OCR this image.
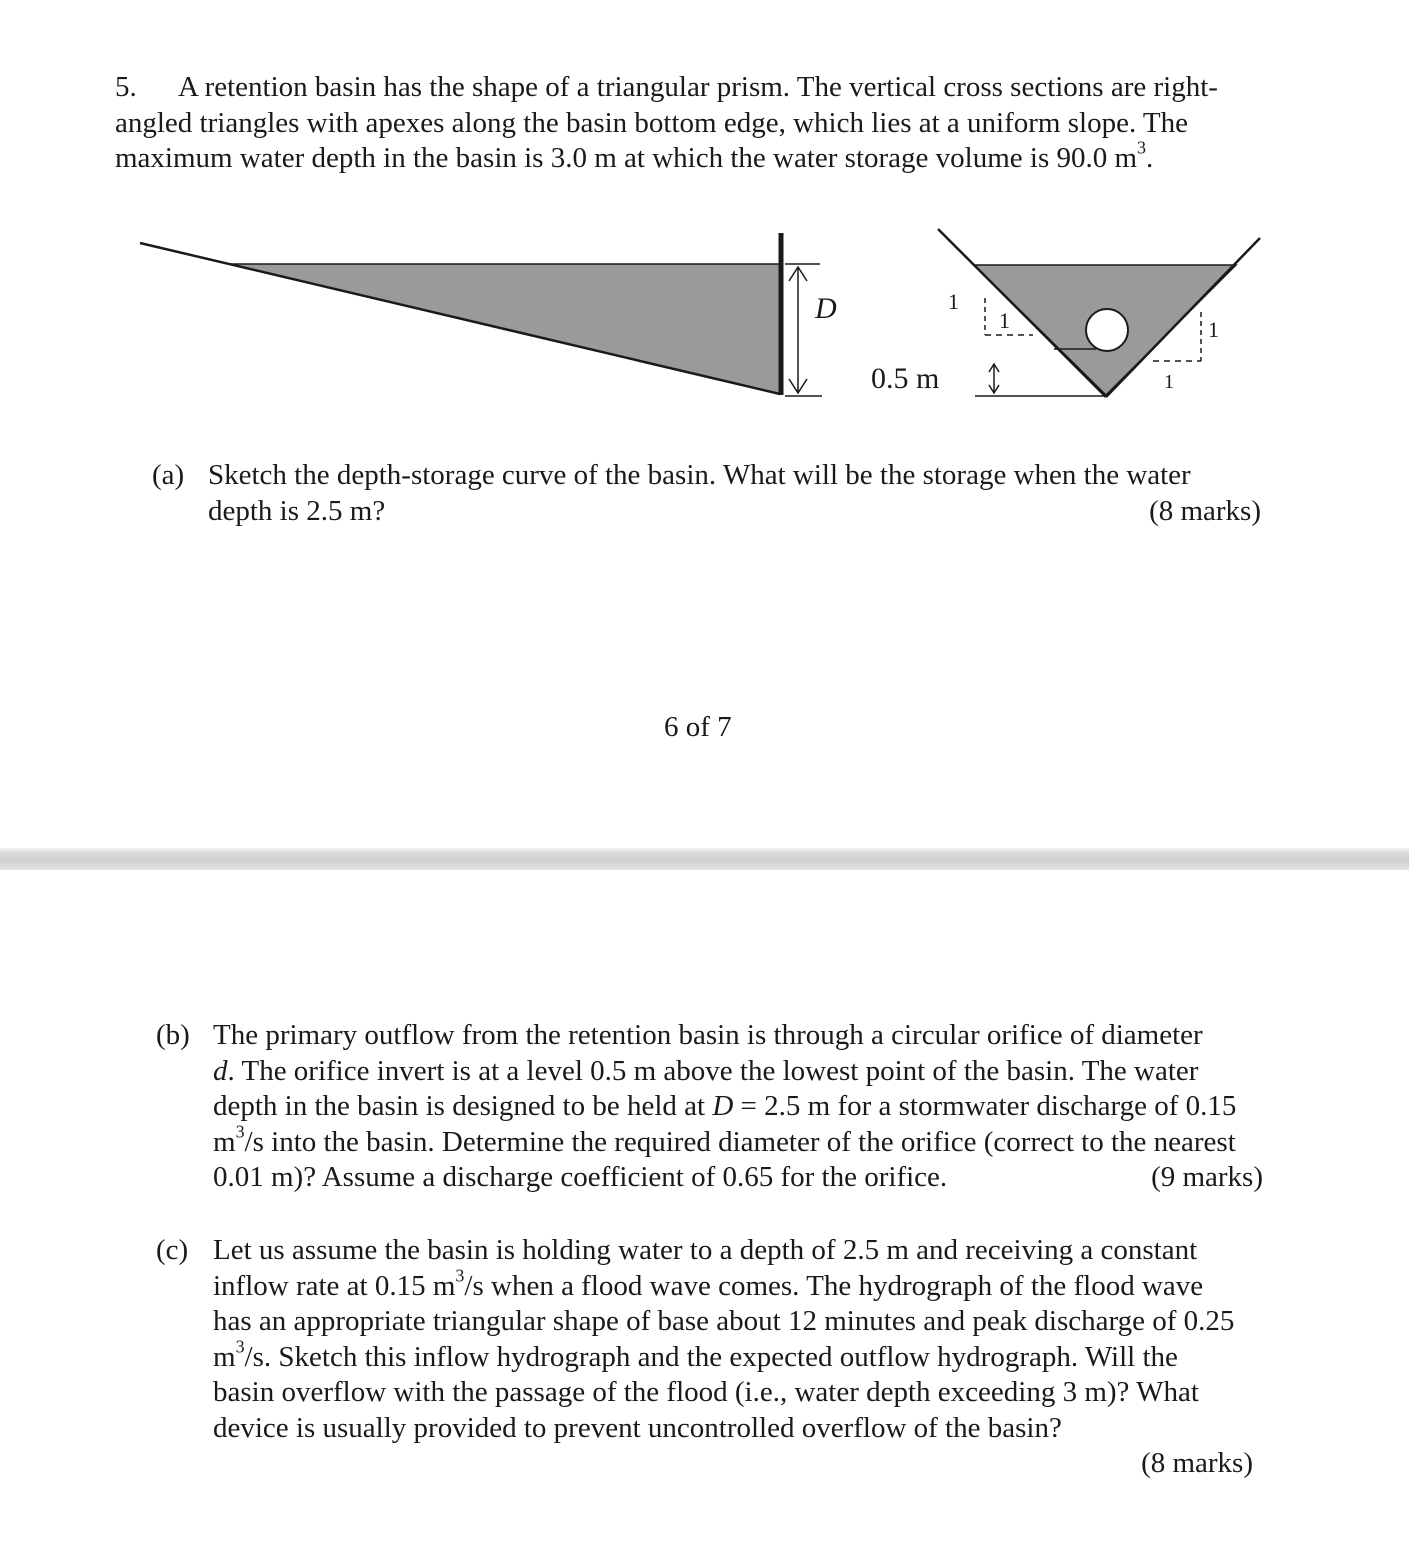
5.	A retention basin has the shape of a triangular prism. The vertical cross sections are right-
angled triangles with apexes along the basin bottom edge, which lies at a uniform slope. The
maximum water depth in the basin is 3.0 m at which the water storage volume is 90.0 $m^3$.
D
0.5 m
1
1	1
1
(a) Sketch the depth-storage curve of the basin. What will be the storage when the water
depth is 2.5 m?	(8 marks)
6 of 7
(b) The primary outflow from the retention basin is through a circular orifice of diameter
d. The orifice invert is at a level 0.5 m above the lowest point of the basin. The water
depth in the basin is designed to be held at D = 2.5 m for a stormwater discharge of 0.15
$m^3/s$ into the basin. Determine the required diameter of the orifice (correct to the nearest
0.01 m)? Assume a discharge coefficient of 0.65 for the orifice.	(9 marks)
(c) Let us assume the basin is holding water to a depth of 2.5 m and receiving a constant
inflow rate at 0.15 $m^3/s$ when a flood wave comes. The hydrograph of the flood wave
has an appropriate triangular shape of base about 12 minutes and peak discharge of 0.25
$m^3/s$. Sketch this inflow hydrograph and the expected outflow hydrograph. Will the
basin overflow with the passage of the flood (i.e., water depth exceeding 3 m)? What
device is usually provided to prevent uncontrolled overflow of the basin?
(8 marks)
